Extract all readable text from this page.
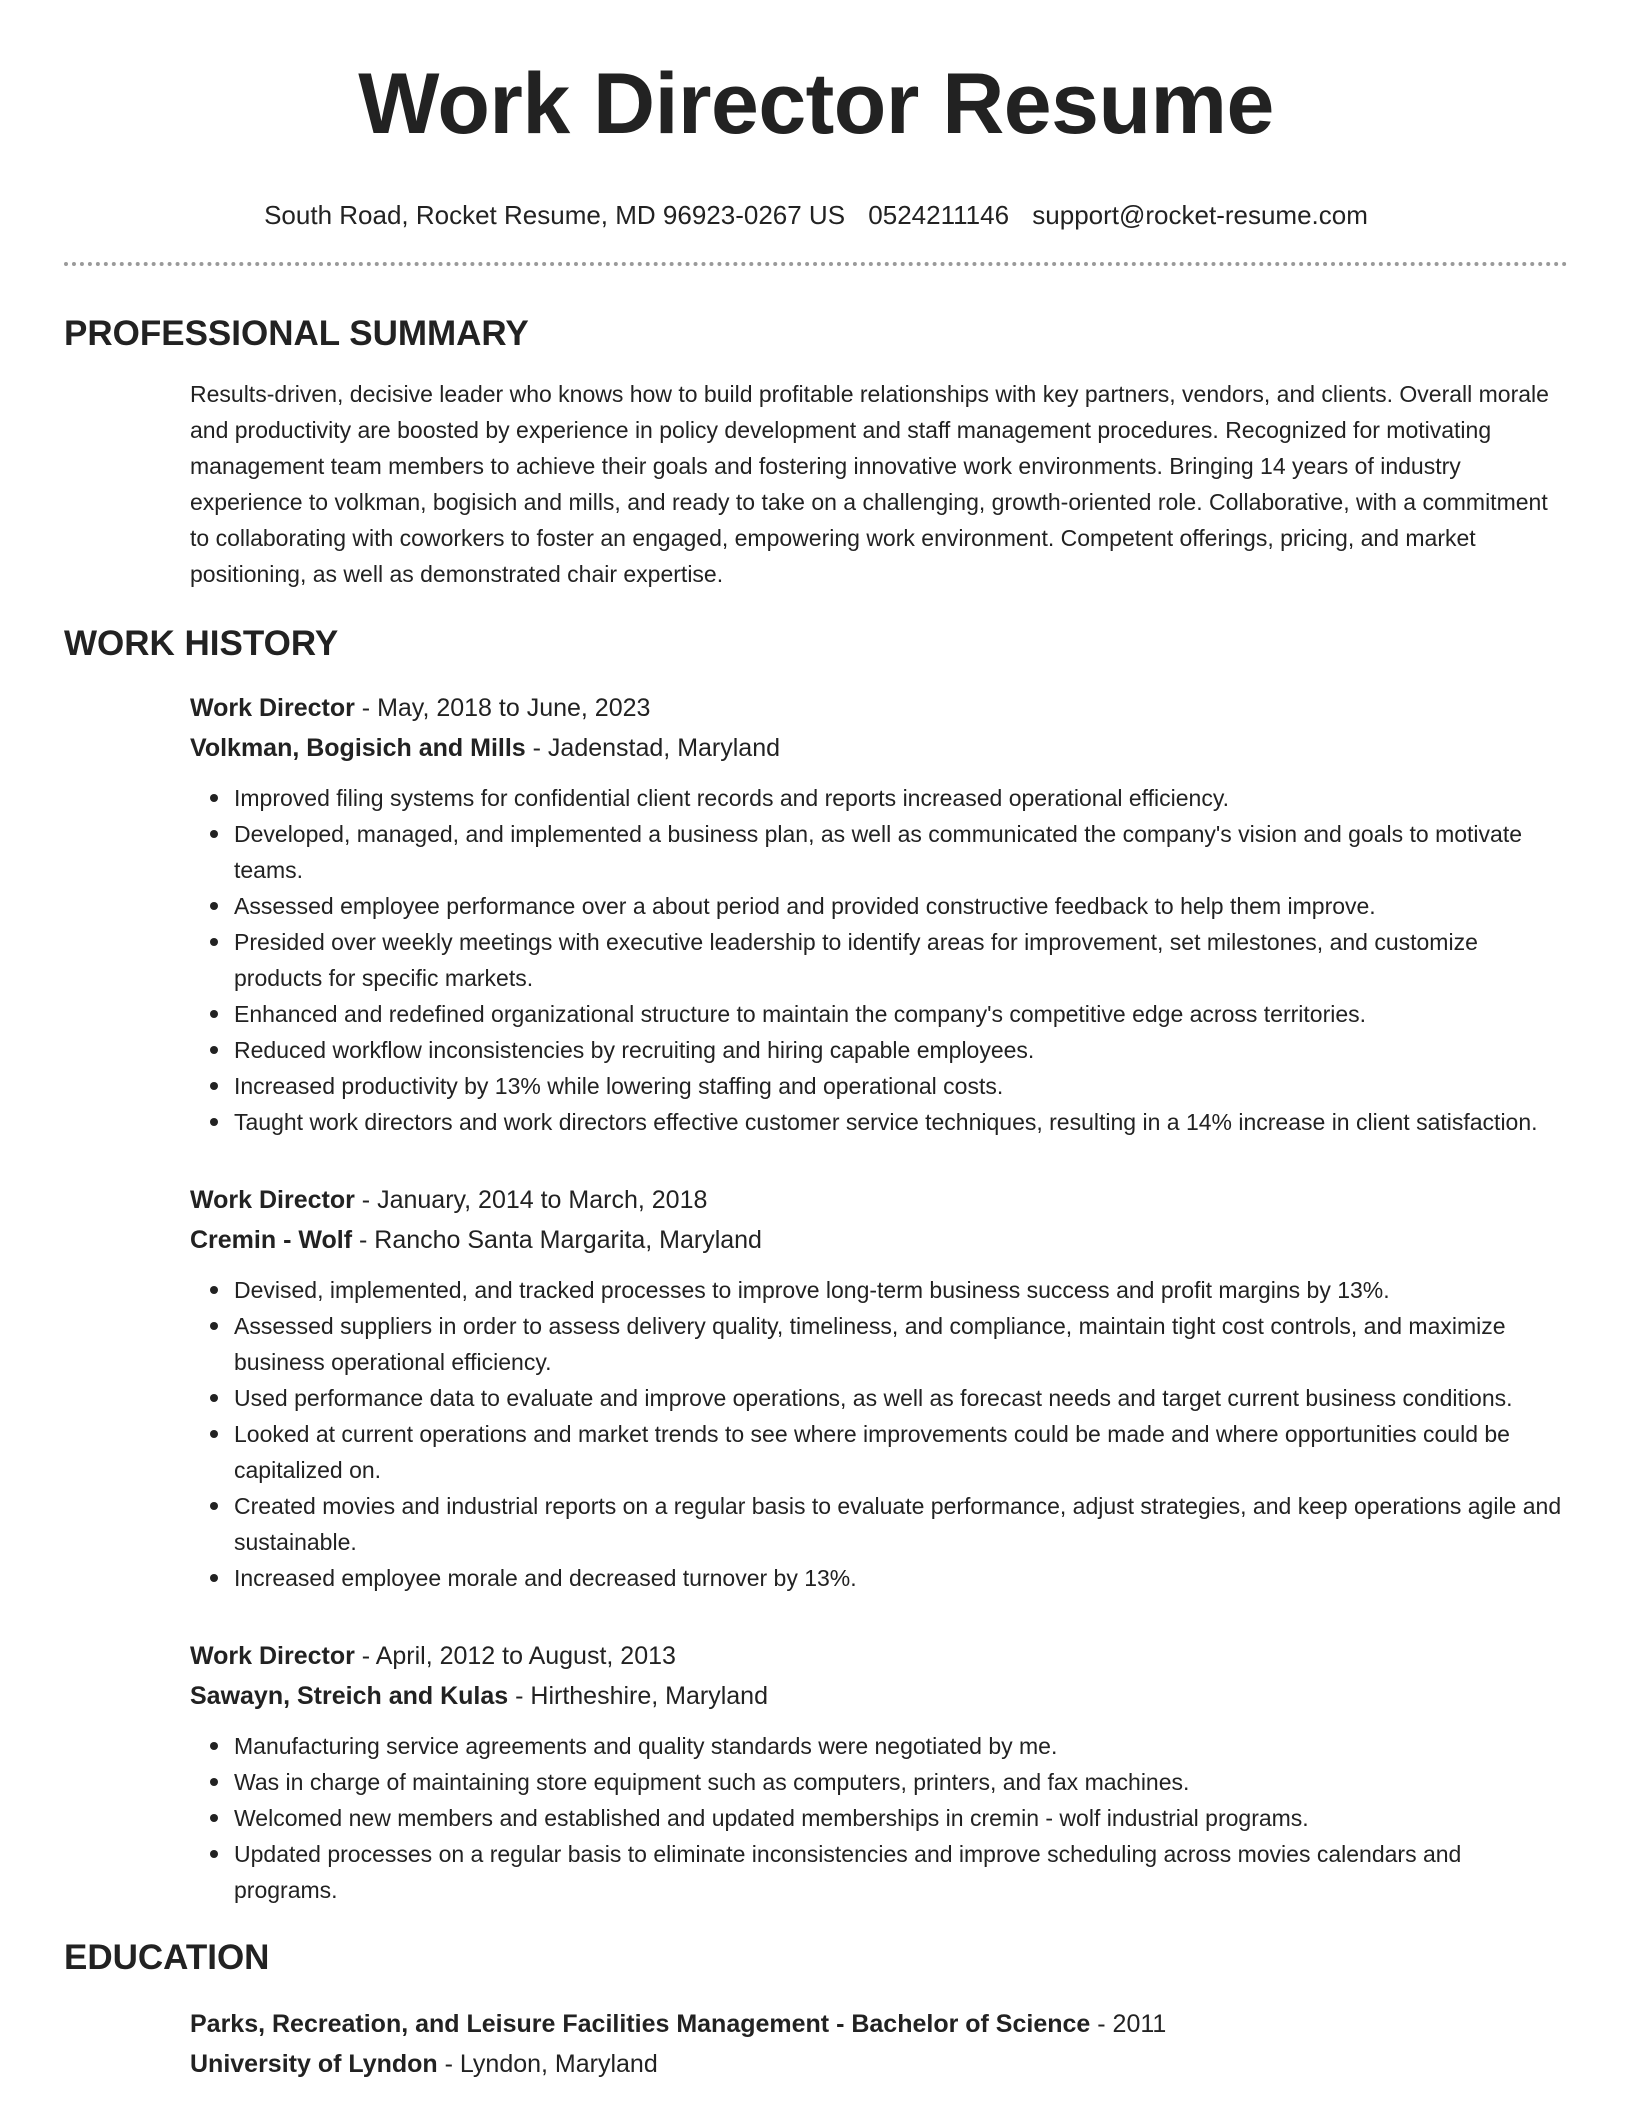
Work Director Resume
South Road, Rocket Resume, MD 96923-0267 US 0524211146 support@rocket-resume.com
PROFESSIONAL SUMMARY

Results-driven, decisive leader who knows how to build profitable relationships with key partners, vendors, and clients. Overall morale and productivity are boosted by experience in policy development and staff management procedures. Recognized for motivating management team members to achieve their goals and fostering innovative work environments. Bringing 14 years of industry experience to volkman, bogisich and mills, and ready to take on a challenging, growth-oriented role. Collaborative, with a commitment to collaborating with coworkers to foster an engaged, empowering work environment. Competent offerings, pricing, and market positioning, as well as demonstrated chair expertise.

WORK HISTORY
Work Director - May, 2018 to June, 2023
Volkman, Bogisich and Mills - Jadenstad, Maryland
Improved filing systems for confidential client records and reports increased operational efficiency.
Developed, managed, and implemented a business plan, as well as communicated the company's vision and goals to motivate teams.
Assessed employee performance over a about period and provided constructive feedback to help them improve.
Presided over weekly meetings with executive leadership to identify areas for improvement, set milestones, and customize products for specific markets.
Enhanced and redefined organizational structure to maintain the company's competitive edge across territories.
Reduced workflow inconsistencies by recruiting and hiring capable employees.
Increased productivity by 13% while lowering staffing and operational costs.
Taught work directors and work directors effective customer service techniques, resulting in a 14% increase in client satisfaction.
Work Director - January, 2014 to March, 2018
Cremin - Wolf - Rancho Santa Margarita, Maryland
Devised, implemented, and tracked processes to improve long-term business success and profit margins by 13%.
Assessed suppliers in order to assess delivery quality, timeliness, and compliance, maintain tight cost controls, and maximize business operational efficiency.
Used performance data to evaluate and improve operations, as well as forecast needs and target current business conditions.
Looked at current operations and market trends to see where improvements could be made and where opportunities could be capitalized on.
Created movies and industrial reports on a regular basis to evaluate performance, adjust strategies, and keep operations agile and sustainable.
Increased employee morale and decreased turnover by 13%.
Work Director - April, 2012 to August, 2013
Sawayn, Streich and Kulas - Hirtheshire, Maryland
Manufacturing service agreements and quality standards were negotiated by me.
Was in charge of maintaining store equipment such as computers, printers, and fax machines.
Welcomed new members and established and updated memberships in cremin - wolf industrial programs.
Updated processes on a regular basis to eliminate inconsistencies and improve scheduling across movies calendars and programs.
EDUCATION
Parks, Recreation, and Leisure Facilities Management - Bachelor of Science - 2011
University of Lyndon - Lyndon, Maryland
